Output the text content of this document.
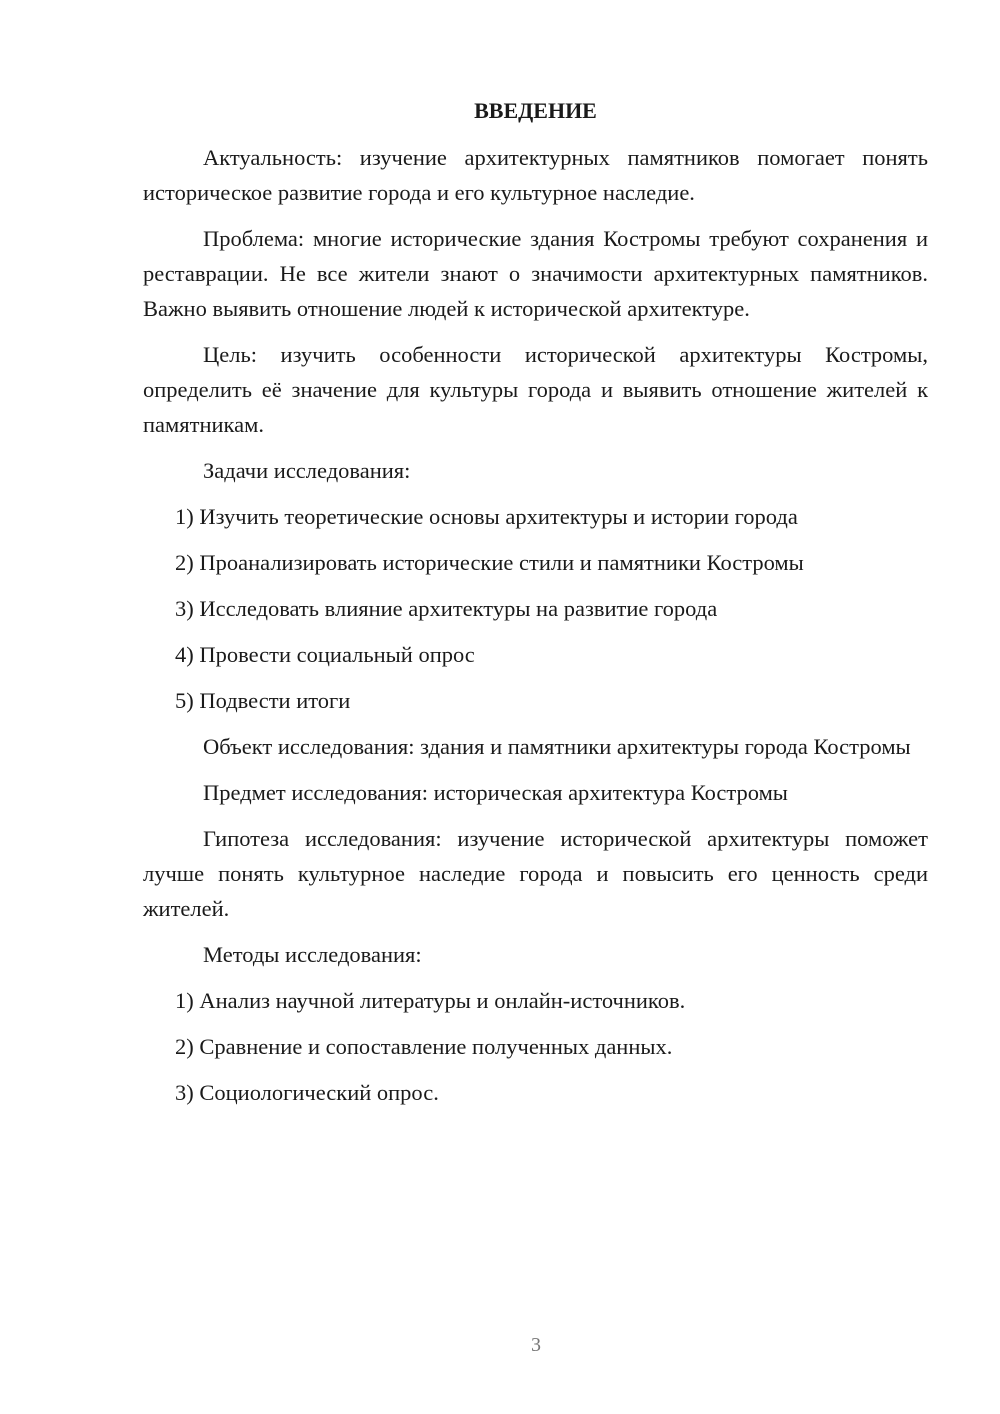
ВВЕДЕНИЕ

Актуальность: изучение архитектурных памятников помогает понять историческое развитие города и его культурное наследие.

Проблема: многие исторические здания Костромы требуют сохранения и реставрации. Не все жители знают о значимости архитектурных памятников. Важно выявить отношение людей к исторической архитектуре.

Цель: изучить особенности исторической архитектуры Костромы, определить её значение для культуры города и выявить отношение жителей к памятникам.

Задачи исследования:

1) Изучить теоретические основы архитектуры и истории города
2) Проанализировать исторические стили и памятники Костромы
3) Исследовать влияние архитектуры на развитие города
4) Провести социальный опрос
5) Подвести итоги

Объект исследования: здания и памятники архитектуры города Костромы

Предмет исследования: историческая архитектура Костромы

Гипотеза исследования: изучение исторической архитектуры поможет лучше понять культурное наследие города и повысить его ценность среди жителей.

Методы исследования:

1) Анализ научной литературы и онлайн-источников.
2) Сравнение и сопоставление полученных данных.
3) Социологический опрос.
3
